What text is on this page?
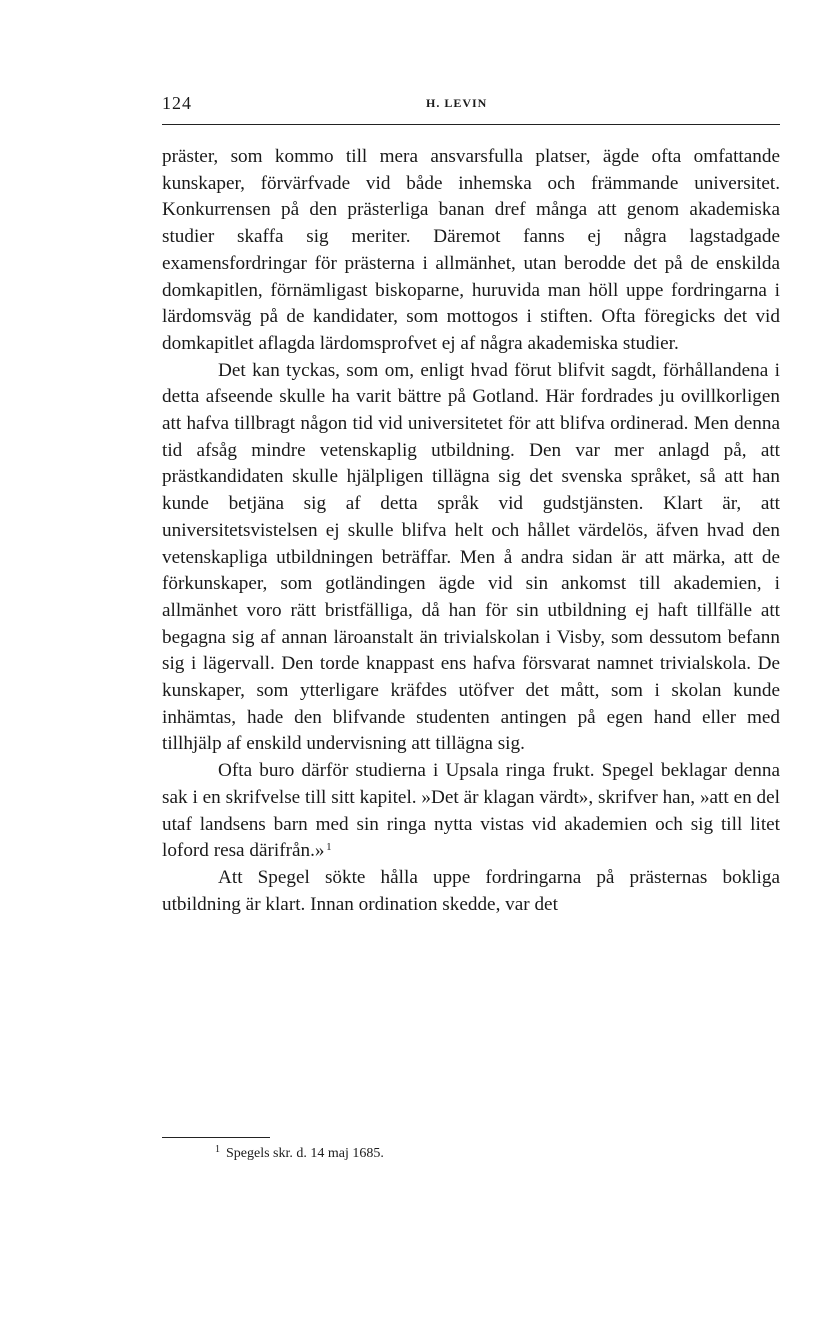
124	H. LEVIN

präster, som kommo till mera ansvarsfulla platser, ägde ofta omfattande kunskaper, förvärfvade vid både inhemska och främmande universitet. Konkurrensen på den prästerliga banan dref många att genom akademiska studier skaffa sig meriter. Däremot fanns ej några lagstadgade examensfordringar för prästerna i allmänhet, utan berodde det på de enskilda domkapitlen, förnämligast biskoparne, huruvida man höll uppe fordringarna i lärdomsväg på de kandidater, som mottogos i stiften. Ofta föregicks det vid domkapitlet aflagda lärdomsprofvet ej af några akademiska studier.

Det kan tyckas, som om, enligt hvad förut blifvit sagdt, förhållandena i detta afseende skulle ha varit bättre på Gotland. Här fordrades ju ovillkorligen att hafva tillbragt någon tid vid universitetet för att blifva ordinerad. Men denna tid afsåg mindre vetenskaplig utbildning. Den var mer anlagd på, att prästkandidaten skulle hjälpligen tillägna sig det svenska språket, så att han kunde betjäna sig af detta språk vid gudstjänsten. Klart är, att universitetsvistelsen ej skulle blifva helt och hållet värdelös, äfven hvad den vetenskapliga utbildningen beträffar. Men å andra sidan är att märka, att de förkunskaper, som gotländingen ägde vid sin ankomst till akademien, i allmänhet voro rätt bristfälliga, då han för sin utbildning ej haft tillfälle att begagna sig af annan läroanstalt än trivialskolan i Visby, som dessutom befann sig i lägervall. Den torde knappast ens hafva försvarat namnet trivialskola. De kunskaper, som ytterligare kräfdes utöfver det mått, som i skolan kunde inhämtas, hade den blifvande studenten antingen på egen hand eller med tillhjälp af enskild undervisning att tillägna sig.

Ofta buro därför studierna i Upsala ringa frukt. Spegel beklagar denna sak i en skrifvelse till sitt kapitel. »Det är klagan värdt», skrifver han, »att en del utaf landsens barn med sin ringa nytta vistas vid akademien och sig till litet loford resa därifrån.»  $^1$

Att Spegel sökte hålla uppe fordringarna på prästernas bokliga utbildning är klart. Innan ordination skedde, var det

$^1$ Spegels skr. d. 14 maj 1685.
